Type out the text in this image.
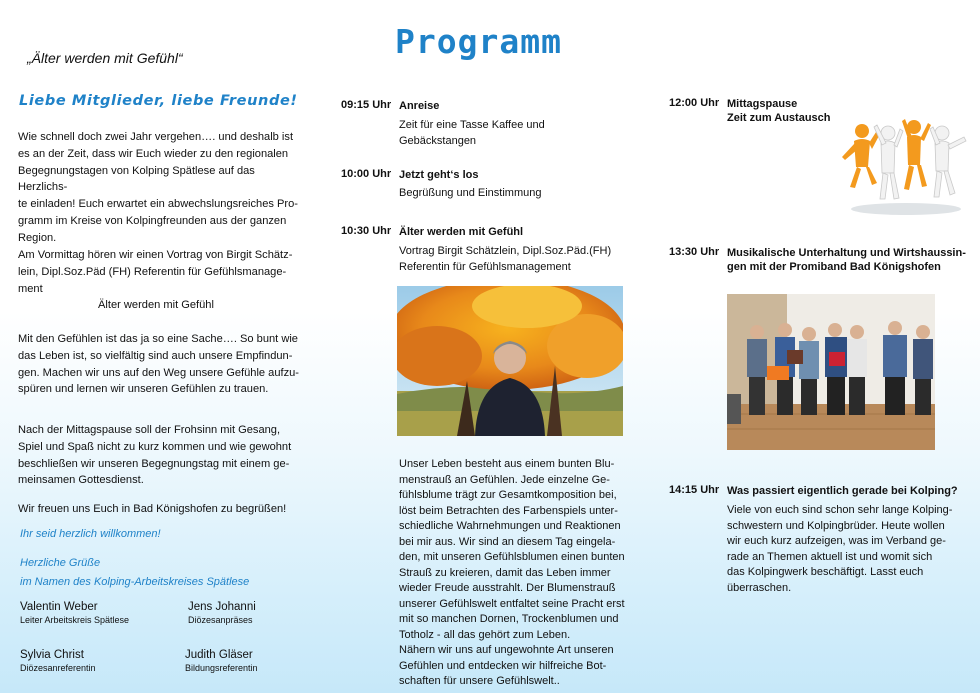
Programm
„Älter werden mit Gefühl“
Liebe Mitglieder, liebe Freunde!
Wie schnell doch zwei Jahr vergehen…. und deshalb ist
es an der Zeit, dass wir Euch wieder zu den regionalen
Begegnungstagen von Kolping Spätlese auf das Herzlichs-
te einladen! Euch erwartet ein abwechslungsreiches Pro-
gramm im Kreise von Kolpingfreunden aus der ganzen
Region.
Am Vormittag hören wir einen Vortrag von Birgit Schätz-
lein, Dipl.Soz.Päd (FH) Referentin für Gefühlsmanage-
ment
Älter werden mit Gefühl
Mit den Gefühlen ist das ja so eine Sache…. So bunt wie
das Leben ist, so vielfältig sind auch unsere Empfindun-
gen. Machen wir uns auf den Weg unsere Gefühle aufzu-
spüren und lernen wir unseren Gefühlen zu trauen.
Nach der Mittagspause soll der Frohsinn mit Gesang,
Spiel und Spaß nicht zu kurz kommen und wie gewohnt
beschließen wir unseren Begegnungstag mit einem ge-
meinsamen Gottesdienst.
Wir freuen uns Euch in Bad Königshofen zu begrüßen!
Ihr seid herzlich willkommen!
Herzliche Grüße
im Namen des Kolping-Arbeitskreises Spätlese
Valentin Weber
Leiter Arbeitskreis Spätlese
Jens Johanni
Diözesanpräses
Sylvia Christ
Diözesanreferentin
Judith Gläser
Bildungsreferentin
09:15 Uhr Anreise
Zeit für eine Tasse Kaffee und
Gebäckstangen
10:00 Uhr Jetzt geht‘s los
Begrüßung und Einstimmung
10:30 Uhr Älter werden mit Gefühl
Vortrag Birgit Schätzlein, Dipl.Soz.Päd.(FH)
Referentin für Gefühlsmanagement
Unser Leben besteht aus einem bunten Blu-
menstrauß an Gefühlen. Jede einzelne Ge-
fühlsblume trägt zur Gesamtkomposition bei,
löst beim Betrachten des Farbenspiels unter-
schiedliche Wahrnehmungen und Reaktionen
bei mir aus. Wir sind an diesem Tag eingela-
den, mit unseren Gefühlsblumen einen bunten
Strauß zu kreieren, damit das Leben immer
wieder Freude ausstrahlt. Der Blumenstrauß
unserer Gefühlswelt entfaltet seine Pracht erst
mit so manchen Dornen, Trockenblumen und
Totholz - all das gehört zum Leben.
Nähern wir uns auf ungewohnte Art unseren
Gefühlen und entdecken wir hilfreiche Bot-
schaften für unsere Gefühlswelt..
12:00 Uhr Mittagspause
Zeit zum Austausch
13:30 Uhr Musikalische Unterhaltung und Wirtshaussin-
gen mit der Promiband Bad Königshofen
14:15 Uhr Was passiert eigentlich gerade bei Kolping?
Viele von euch sind schon sehr lange Kolping-
schwestern und Kolpingbrüder. Heute wollen
wir euch kurz aufzeigen, was im Verband ge-
rade an Themen aktuell ist und womit sich
das Kolpingwerk beschäftigt. Lasst euch
überraschen.
